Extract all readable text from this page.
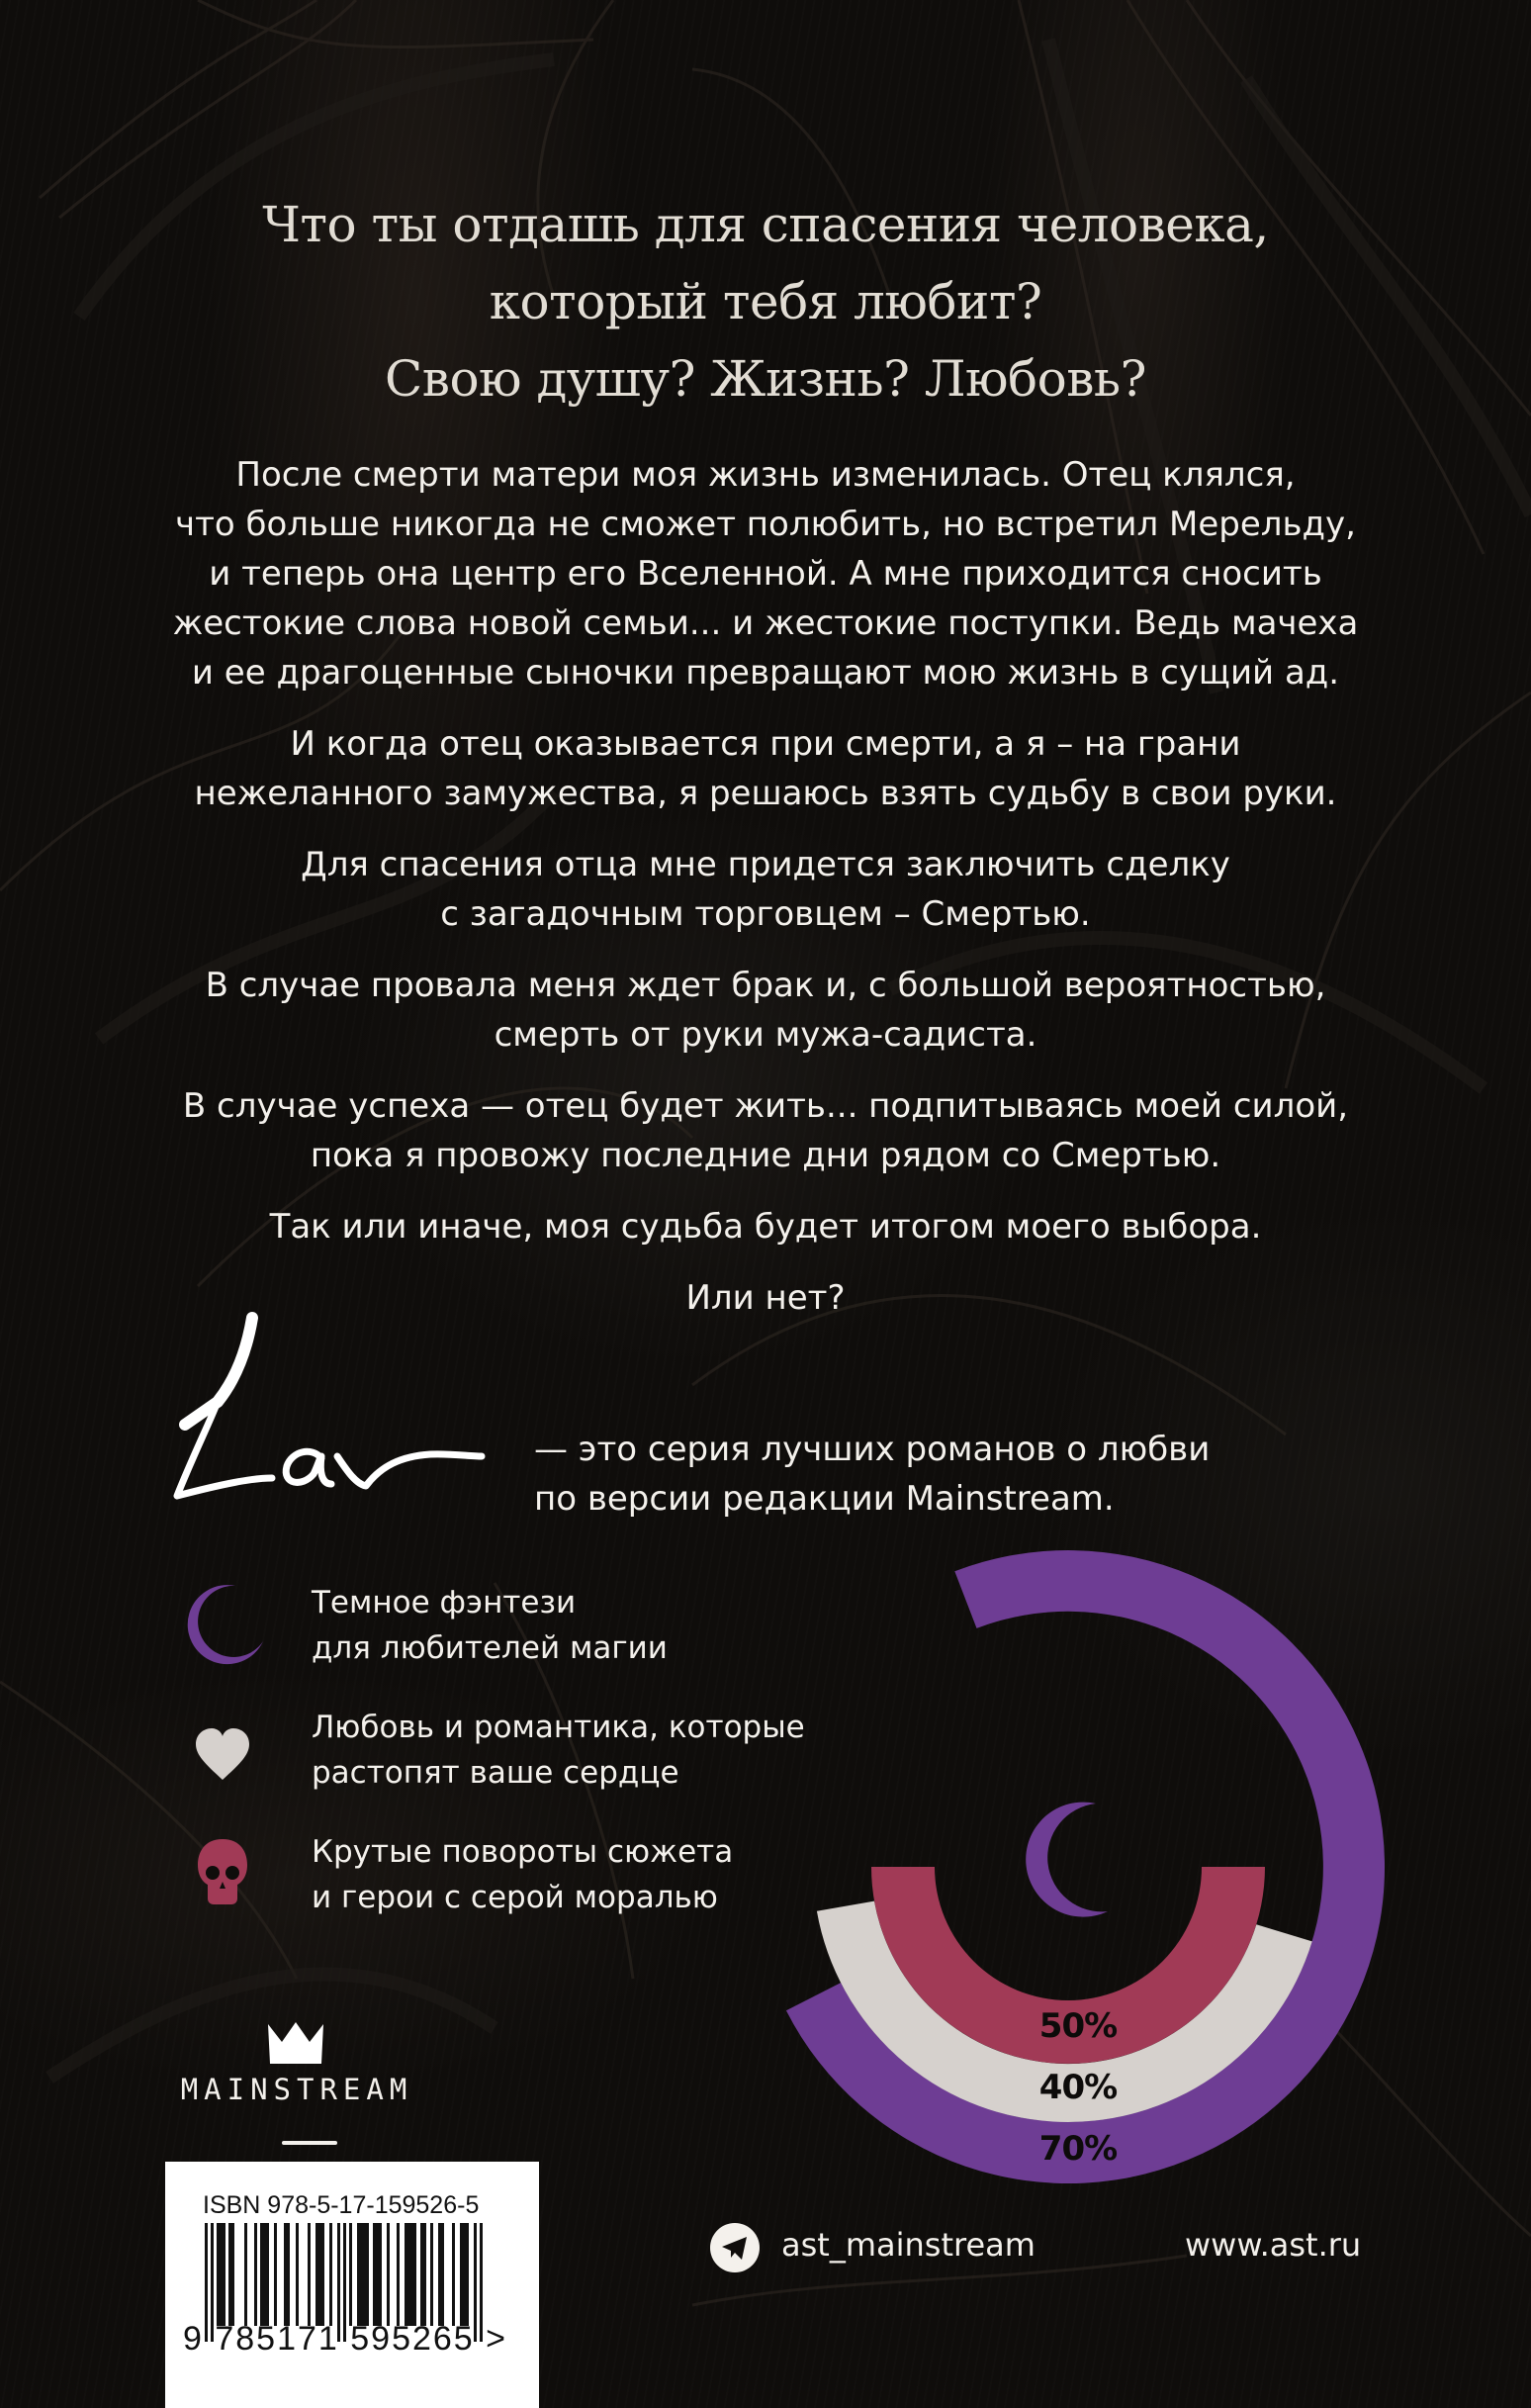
Что ты отдашь для спасения человека,
который тебя любит?
Свою душу? Жизнь? Любовь?

После смерти матери моя жизнь изменилась. Отец клялся,
что больше никогда не сможет полюбить, но встретил Мерельду,
и теперь она центр его Вселенной. А мне приходится сносить
жестокие слова новой семьи... и жестокие поступки. Ведь мачеха
и ее драгоценные сыночки превращают мою жизнь в сущий ад.

И когда отец оказывается при смерти, а я – на грани
нежеланного замужества, я решаюсь взять судьбу в свои руки.

Для спасения отца мне придется заключить сделку
с загадочным торговцем – Смертью.

В случае провала меня ждет брак и, с большой вероятностью,
смерть от руки мужа-садиста.

В случае успеха — отец будет жить... подпитываясь моей силой,
пока я провожу последние дни рядом со Смертью.

Так или иначе, моя судьба будет итогом моего выбора.

Или нет?

— это серия лучших романов о любви
по версии редакции Mainstream.
Темное фэнтези
для любителей магии
Любовь и романтика, которые
растопят ваше сердце
Крутые повороты сюжета
и герои с серой моралью
50%
40%
70%
MAINSTREAM
ISBN 978-5-17-159526-5
9 785171 595265 >
ast_mainstream	www.ast.ru
